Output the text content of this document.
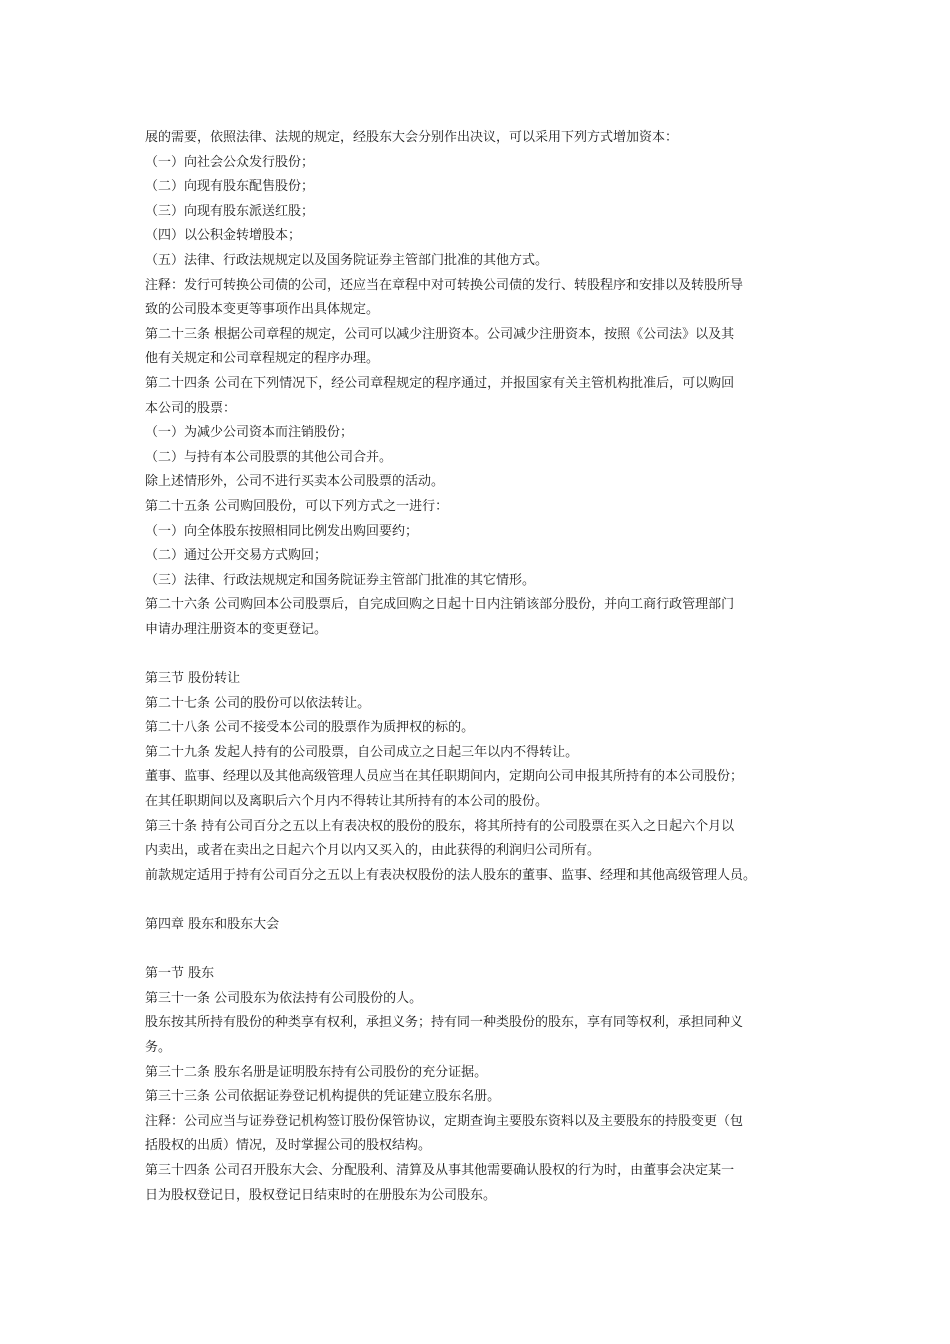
展的需要，依照法律、法规的规定，经股东大会分别作出决议，可以采用下列方式增加资本：
（一）向社会公众发行股份；
（二）向现有股东配售股份；
（三）向现有股东派送红股；
（四）以公积金转增股本；
（五）法律、行政法规规定以及国务院证券主管部门批准的其他方式。
注释：发行可转换公司债的公司，还应当在章程中对可转换公司债的发行、转股程序和安排以及转股所导
致的公司股本变更等事项作出具体规定。
第二十三条 根据公司章程的规定，公司可以减少注册资本。公司减少注册资本，按照《公司法》以及其
他有关规定和公司章程规定的程序办理。
第二十四条 公司在下列情况下，经公司章程规定的程序通过，并报国家有关主管机构批准后，可以购回
本公司的股票：
（一）为减少公司资本而注销股份；
（二）与持有本公司股票的其他公司合并。
除上述情形外，公司不进行买卖本公司股票的活动。
第二十五条 公司购回股份，可以下列方式之一进行：
（一）向全体股东按照相同比例发出购回要约；
（二）通过公开交易方式购回；
（三）法律、行政法规规定和国务院证券主管部门批准的其它情形。
第二十六条 公司购回本公司股票后，自完成回购之日起十日内注销该部分股份，并向工商行政管理部门
申请办理注册资本的变更登记。
第三节 股份转让
第二十七条 公司的股份可以依法转让。
第二十八条 公司不接受本公司的股票作为质押权的标的。
第二十九条 发起人持有的公司股票，自公司成立之日起三年以内不得转让。
董事、监事、经理以及其他高级管理人员应当在其任职期间内，定期向公司申报其所持有的本公司股份；
在其任职期间以及离职后六个月内不得转让其所持有的本公司的股份。
第三十条 持有公司百分之五以上有表决权的股份的股东，将其所持有的公司股票在买入之日起六个月以
内卖出，或者在卖出之日起六个月以内又买入的，由此获得的利润归公司所有。
前款规定适用于持有公司百分之五以上有表决权股份的法人股东的董事、监事、经理和其他高级管理人员。
第四章 股东和股东大会
第一节 股东
第三十一条 公司股东为依法持有公司股份的人。
股东按其所持有股份的种类享有权利，承担义务；持有同一种类股份的股东，享有同等权利，承担同种义
务。
第三十二条 股东名册是证明股东持有公司股份的充分证据。
第三十三条 公司依据证券登记机构提供的凭证建立股东名册。
注释：公司应当与证券登记机构签订股份保管协议，定期查询主要股东资料以及主要股东的持股变更（包
括股权的出质）情况，及时掌握公司的股权结构。
第三十四条 公司召开股东大会、分配股利、清算及从事其他需要确认股权的行为时，由董事会决定某一
日为股权登记日，股权登记日结束时的在册股东为公司股东。
